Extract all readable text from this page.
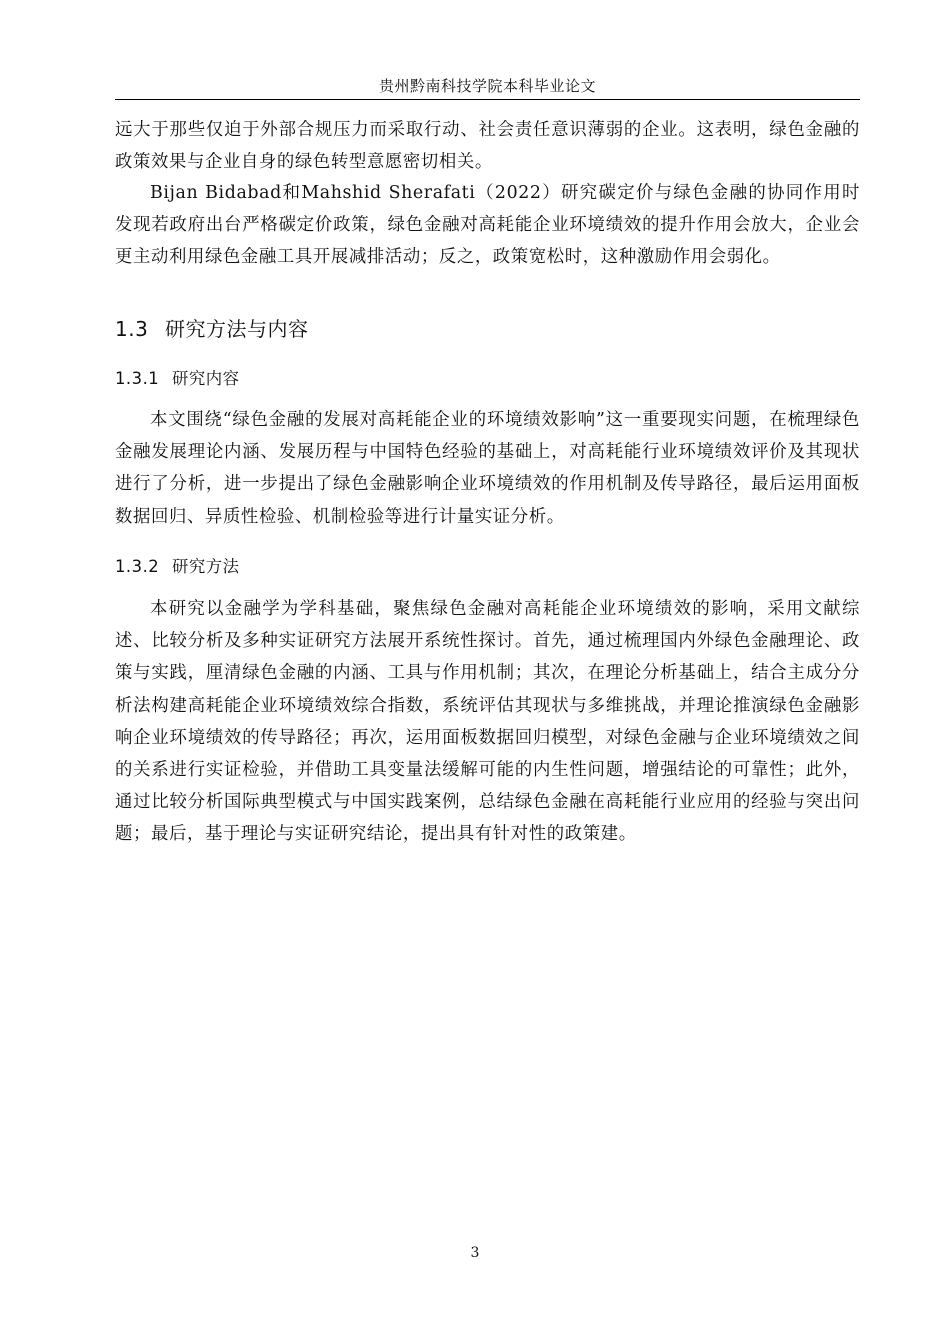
贵州黔南科技学院本科毕业论文

远大于那些仅迫于外部合规压力而采取行动、社会责任意识薄弱的企业。这表明，绿色金融的政策效果与企业自身的绿色转型意愿密切相关。

Bijan Bidabad和Mahshid Sherafati（2022）研究碳定价与绿色金融的协同作用时发现若政府出台严格碳定价政策，绿色金融对高耗能企业环境绩效的提升作用会放大，企业会更主动利用绿色金融工具开展减排活动；反之，政策宽松时，这种激励作用会弱化。

1.3 研究方法与内容
1.3.1 研究内容

本文围绕“绿色金融的发展对高耗能企业的环境绩效影响”这一重要现实问题，在梳理绿色金融发展理论内涵、发展历程与中国特色经验的基础上，对高耗能行业环境绩效评价及其现状进行了分析，进一步提出了绿色金融影响企业环境绩效的作用机制及传导路径，最后运用面板数据回归、异质性检验、机制检验等进行计量实证分析。

1.3.2 研究方法

本研究以金融学为学科基础，聚焦绿色金融对高耗能企业环境绩效的影响，采用文献综述、比较分析及多种实证研究方法展开系统性探讨。首先，通过梳理国内外绿色金融理论、政策与实践，厘清绿色金融的内涵、工具与作用机制；其次，在理论分析基础上，结合主成分分析法构建高耗能企业环境绩效综合指数，系统评估其现状与多维挑战，并理论推演绿色金融影响企业环境绩效的传导路径；再次，运用面板数据回归模型，对绿色金融与企业环境绩效之间的关系进行实证检验，并借助工具变量法缓解可能的内生性问题，增强结论的可靠性；此外，通过比较分析国际典型模式与中国实践案例，总结绿色金融在高耗能行业应用的经验与突出问题；最后，基于理论与实证研究结论，提出具有针对性的政策建。

3
